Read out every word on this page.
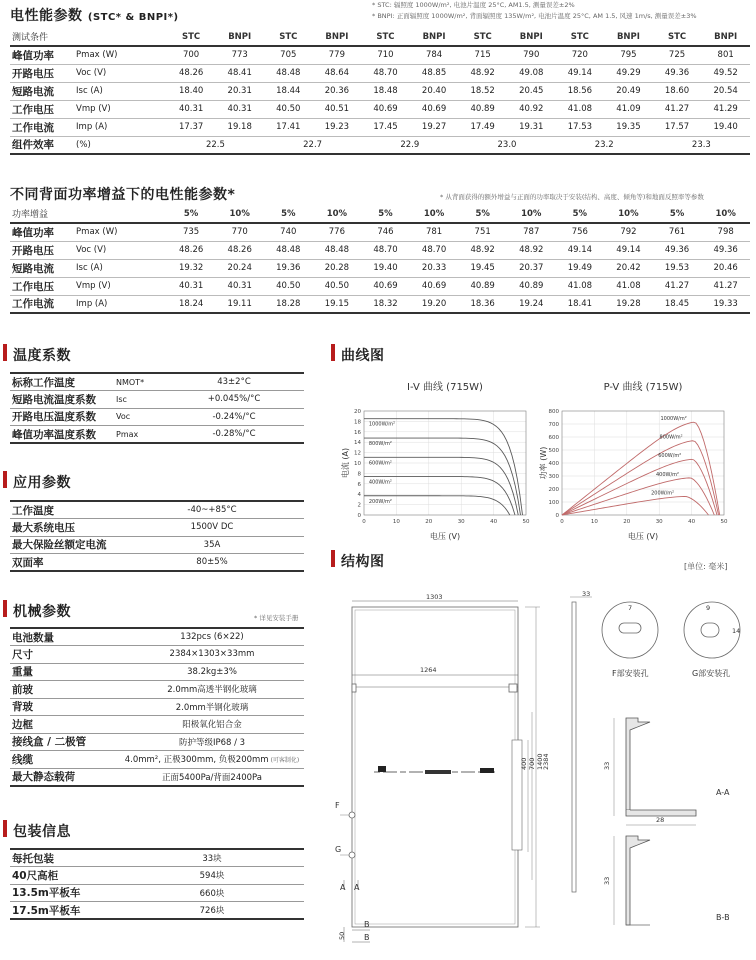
电性能参数 (STC* & BNPI*)
* STC: 辐照度 1000W/m², 电池片温度 25°C, AM1.5, 测量误差±2%
* BNPI: 正面辐照度 1000W/m², 背面辐照度 135W/m², 电池片温度 25°C, AM 1.5, 风速 1m/s, 测量误差±3%
测试条件		STC	BNPI	STC	BNPI	STC	BNPI	STC	BNPI	STC	BNPI	STC	BNPI
峰值功率	Pmax (W)	700	773	705	779	710	784	715	790	720	795	725	801
开路电压	Voc (V)	48.26	48.41	48.48	48.64	48.70	48.85	48.92	49.08	49.14	49.29	49.36	49.52
短路电流	Isc (A)	18.40	20.31	18.44	20.36	18.48	20.40	18.52	20.45	18.56	20.49	18.60	20.54
工作电压	Vmp (V)	40.31	40.31	40.50	40.51	40.69	40.69	40.89	40.92	41.08	41.09	41.27	41.29
工作电流	Imp (A)	17.37	19.18	17.41	19.23	17.45	19.27	17.49	19.31	17.53	19.35	17.57	19.40
组件效率	(%)	22.5		22.7		22.9		23.0		23.2		23.3	
不同背面功率增益下的电性能参数*	* 从背面获得的额外增益与正面的功率取决于安装(结构、高度、倾角等)和地面反照率等参数
功率增益		5%	10%	5%	10%	5%	10%	5%	10%	5%	10%	5%	10%
峰值功率	Pmax (W)	735	770	740	776	746	781	751	787	756	792	761	798
开路电压	Voc (V)	48.26	48.26	48.48	48.48	48.70	48.70	48.92	48.92	49.14	49.14	49.36	49.36
短路电流	Isc (A)	19.32	20.24	19.36	20.28	19.40	20.33	19.45	20.37	19.49	20.42	19.53	20.46
工作电压	Vmp (V)	40.31	40.31	40.50	40.50	40.69	40.69	40.89	40.89	41.08	41.08	41.27	41.27
工作电流	Imp (A)	18.24	19.11	18.28	19.15	18.32	19.20	18.36	19.24	18.41	19.28	18.45	19.33
温度系数
标称工作温度	NMOT*	43±2°C
短路电流温度系数	Isc	+0.045%/°C
开路电压温度系数	Voc	-0.24%/°C
峰值功率温度系数	Pmax	-0.28%/°C
应用参数
工作温度	-40~+85°C
最大系统电压	1500V DC
最大保险丝额定电流	35A
双面率	80±5%
机械参数	* 详见安装手册
电池数量	132pcs (6×22)
尺寸	2384×1303×33mm
重量	38.2kg±3%
前玻	2.0mm高透半钢化玻璃
背玻	2.0mm半钢化玻璃
边框	阳极氧化铝合金
接线盒 / 二极管	防护等级IP68 / 3
线缆	4.0mm², 正极300mm, 负极200mm (可客制化)
最大静态载荷	正面5400Pa/背面2400Pa
包装信息
每托包装	33块
40尺高柜	594块
13.5m平板车	660块
17.5m平板车	726块
曲线图
I-V 曲线 (715W)
0
2
4
6
8
10
12
14
16
18
20
0	10	20	30	40	50
电压 (V)
电流 (A)
1000W/m²
800W/m²
600W/m²
400W/m²
200W/m²
P-V 曲线 (715W)
0
100
200
300
400
500
600
700
800
0	10	20	30	40	50
电压 (V)
功率 (W)
1000W/m²
800W/m²
600W/m²
400W/m²
200W/m²
结构图	[单位: 毫米]
1303
1264
2384
1400
700
400
33
50
7	9
14
33
28
33
F
G
A A
B
B
F部安装孔	G部安装孔
A-A
B-B
